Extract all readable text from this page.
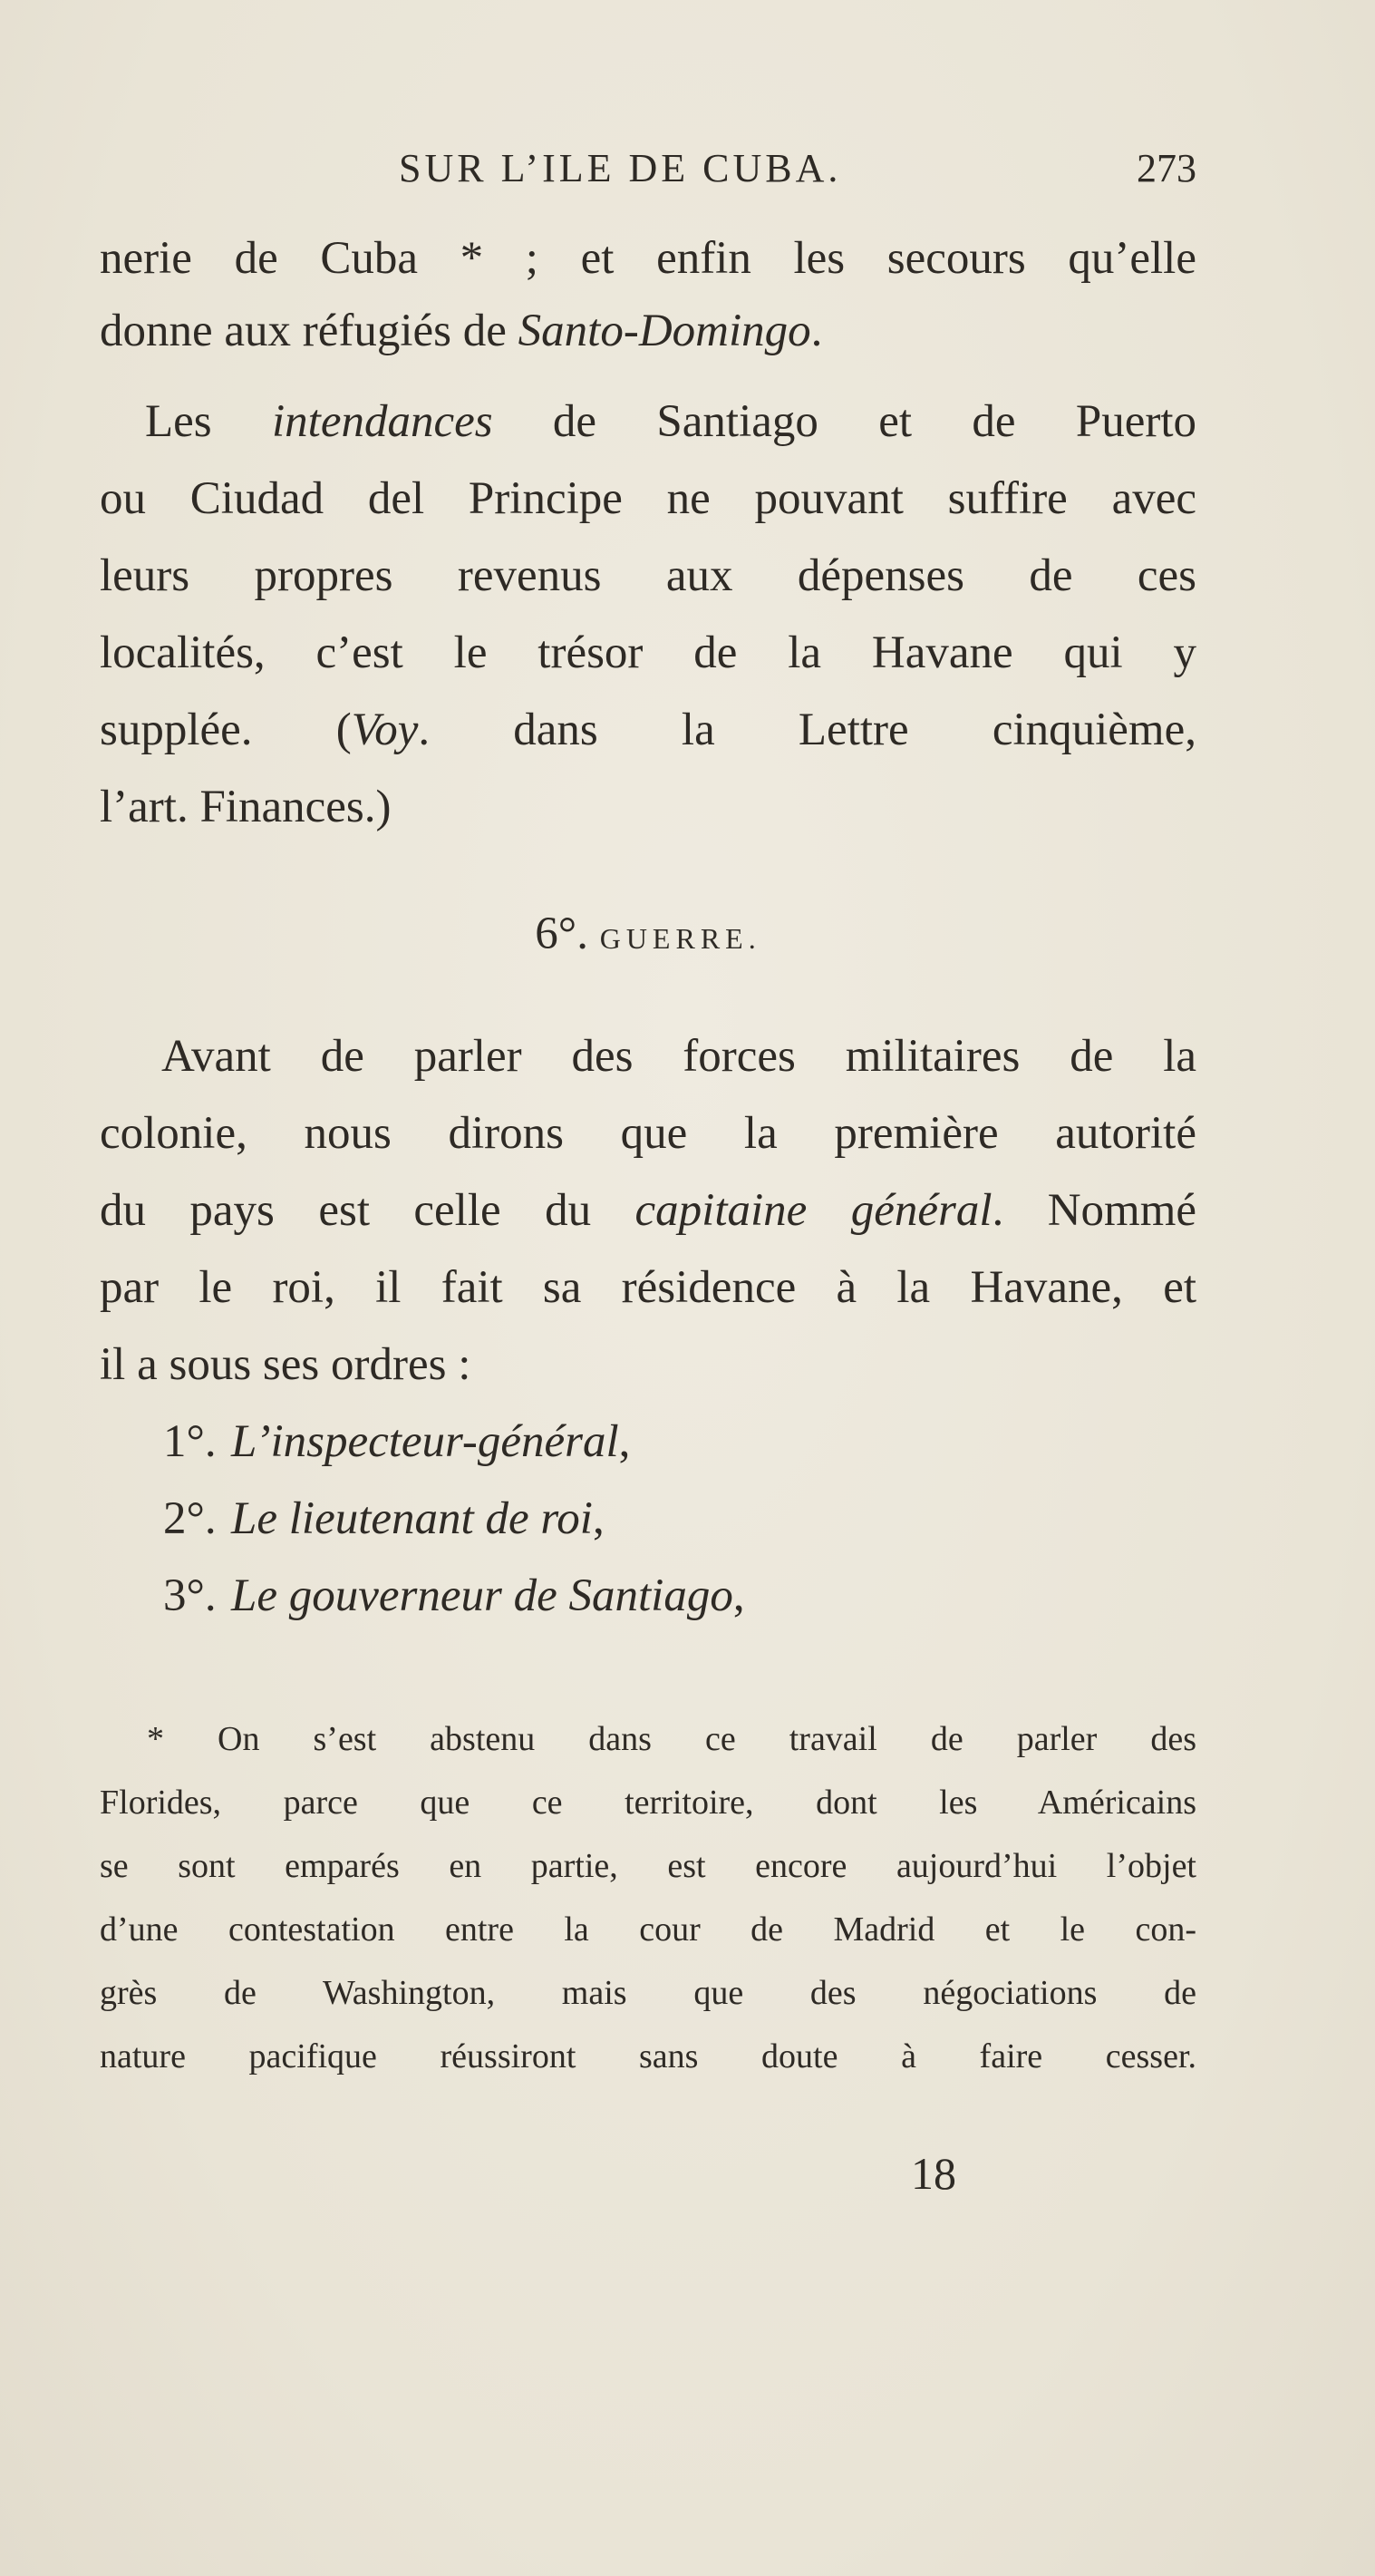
SUR L’ILE DE CUBA.	273
nerie de Cuba * ; et enfin les secours qu’elle
donne aux réfugiés de Santo-Domingo.
Les intendances de Santiago et de Puerto
ou Ciudad del Principe ne pouvant suffire avec
leurs propres revenus aux dépenses de ces
localités, c’est le trésor de la Havane qui y
supplée. (Voy. dans la Lettre cinquième,
l’art. Finances.)
6°. GUERRE.
Avant de parler des forces militaires de la
colonie, nous dirons que la première autorité
du pays est celle du capitaine général. Nommé
par le roi, il fait sa résidence à la Havane, et
il a sous ses ordres :
1°. L’inspecteur-général,
2°. Le lieutenant de roi,
3°. Le gouverneur de Santiago,
* On s’est abstenu dans ce travail de parler des
Florides, parce que ce territoire, dont les Américains
se sont emparés en partie, est encore aujourd’hui l’objet
d’une contestation entre la cour de Madrid et le con-
grès de Washington, mais que des négociations de
nature pacifique réussiront sans doute à faire cesser.
18
